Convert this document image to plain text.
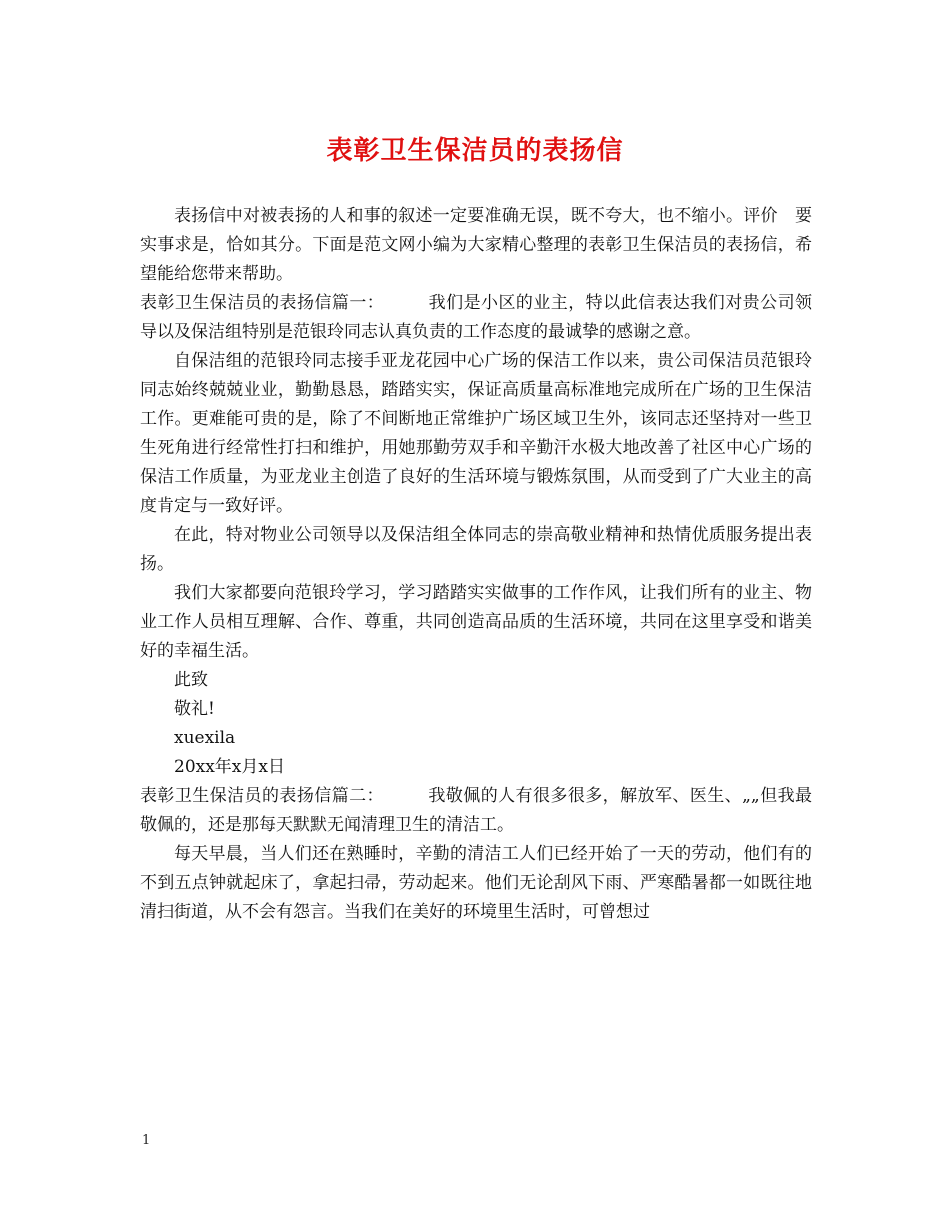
表彰卫生保洁员的表扬信

表扬信中对被表扬的人和事的叙述一定要准确无误，既不夸大，也不缩小。评价　要实事求是，恰如其分。下面是范文网小编为大家精心整理的表彰卫生保洁员的表扬信，希望能给您带来帮助。

表彰卫生保洁员的表扬信篇一：	我们是小区的业主，特以此信表达我们对贵公司领导以及保洁组特别是范银玲同志认真负责的工作态度的最诚挚的感谢之意。

自保洁组的范银玲同志接手亚龙花园中心广场的保洁工作以来，贵公司保洁员范银玲同志始终兢兢业业，勤勤恳恳，踏踏实实，保证高质量高标准地完成所在广场的卫生保洁工作。更难能可贵的是，除了不间断地正常维护广场区域卫生外，该同志还坚持对一些卫生死角进行经常性打扫和维护，用她那勤劳双手和辛勤汗水极大地改善了社区中心广场的保洁工作质量，为亚龙业主创造了良好的生活环境与锻炼氛围，从而受到了广大业主的高度肯定与一致好评。

在此，特对物业公司领导以及保洁组全体同志的崇高敬业精神和热情优质服务提出表扬。

我们大家都要向范银玲学习，学习踏踏实实做事的工作作风，让我们所有的业主、物业工作人员相互理解、合作、尊重，共同创造高品质的生活环境，共同在这里享受和谐美好的幸福生活。

此致

敬礼!

xuexila

20xx年x月x日

表彰卫生保洁员的表扬信篇二：	我敬佩的人有很多很多，解放军、医生、„„但我最敬佩的，还是那每天默默无闻清理卫生的清洁工。

每天早晨，当人们还在熟睡时，辛勤的清洁工人们已经开始了一天的劳动，他们有的不到五点钟就起床了，拿起扫帚，劳动起来。他们无论刮风下雨、严寒酷暑都一如既往地清扫街道，从不会有怨言。当我们在美好的环境里生活时，可曾想过

1
